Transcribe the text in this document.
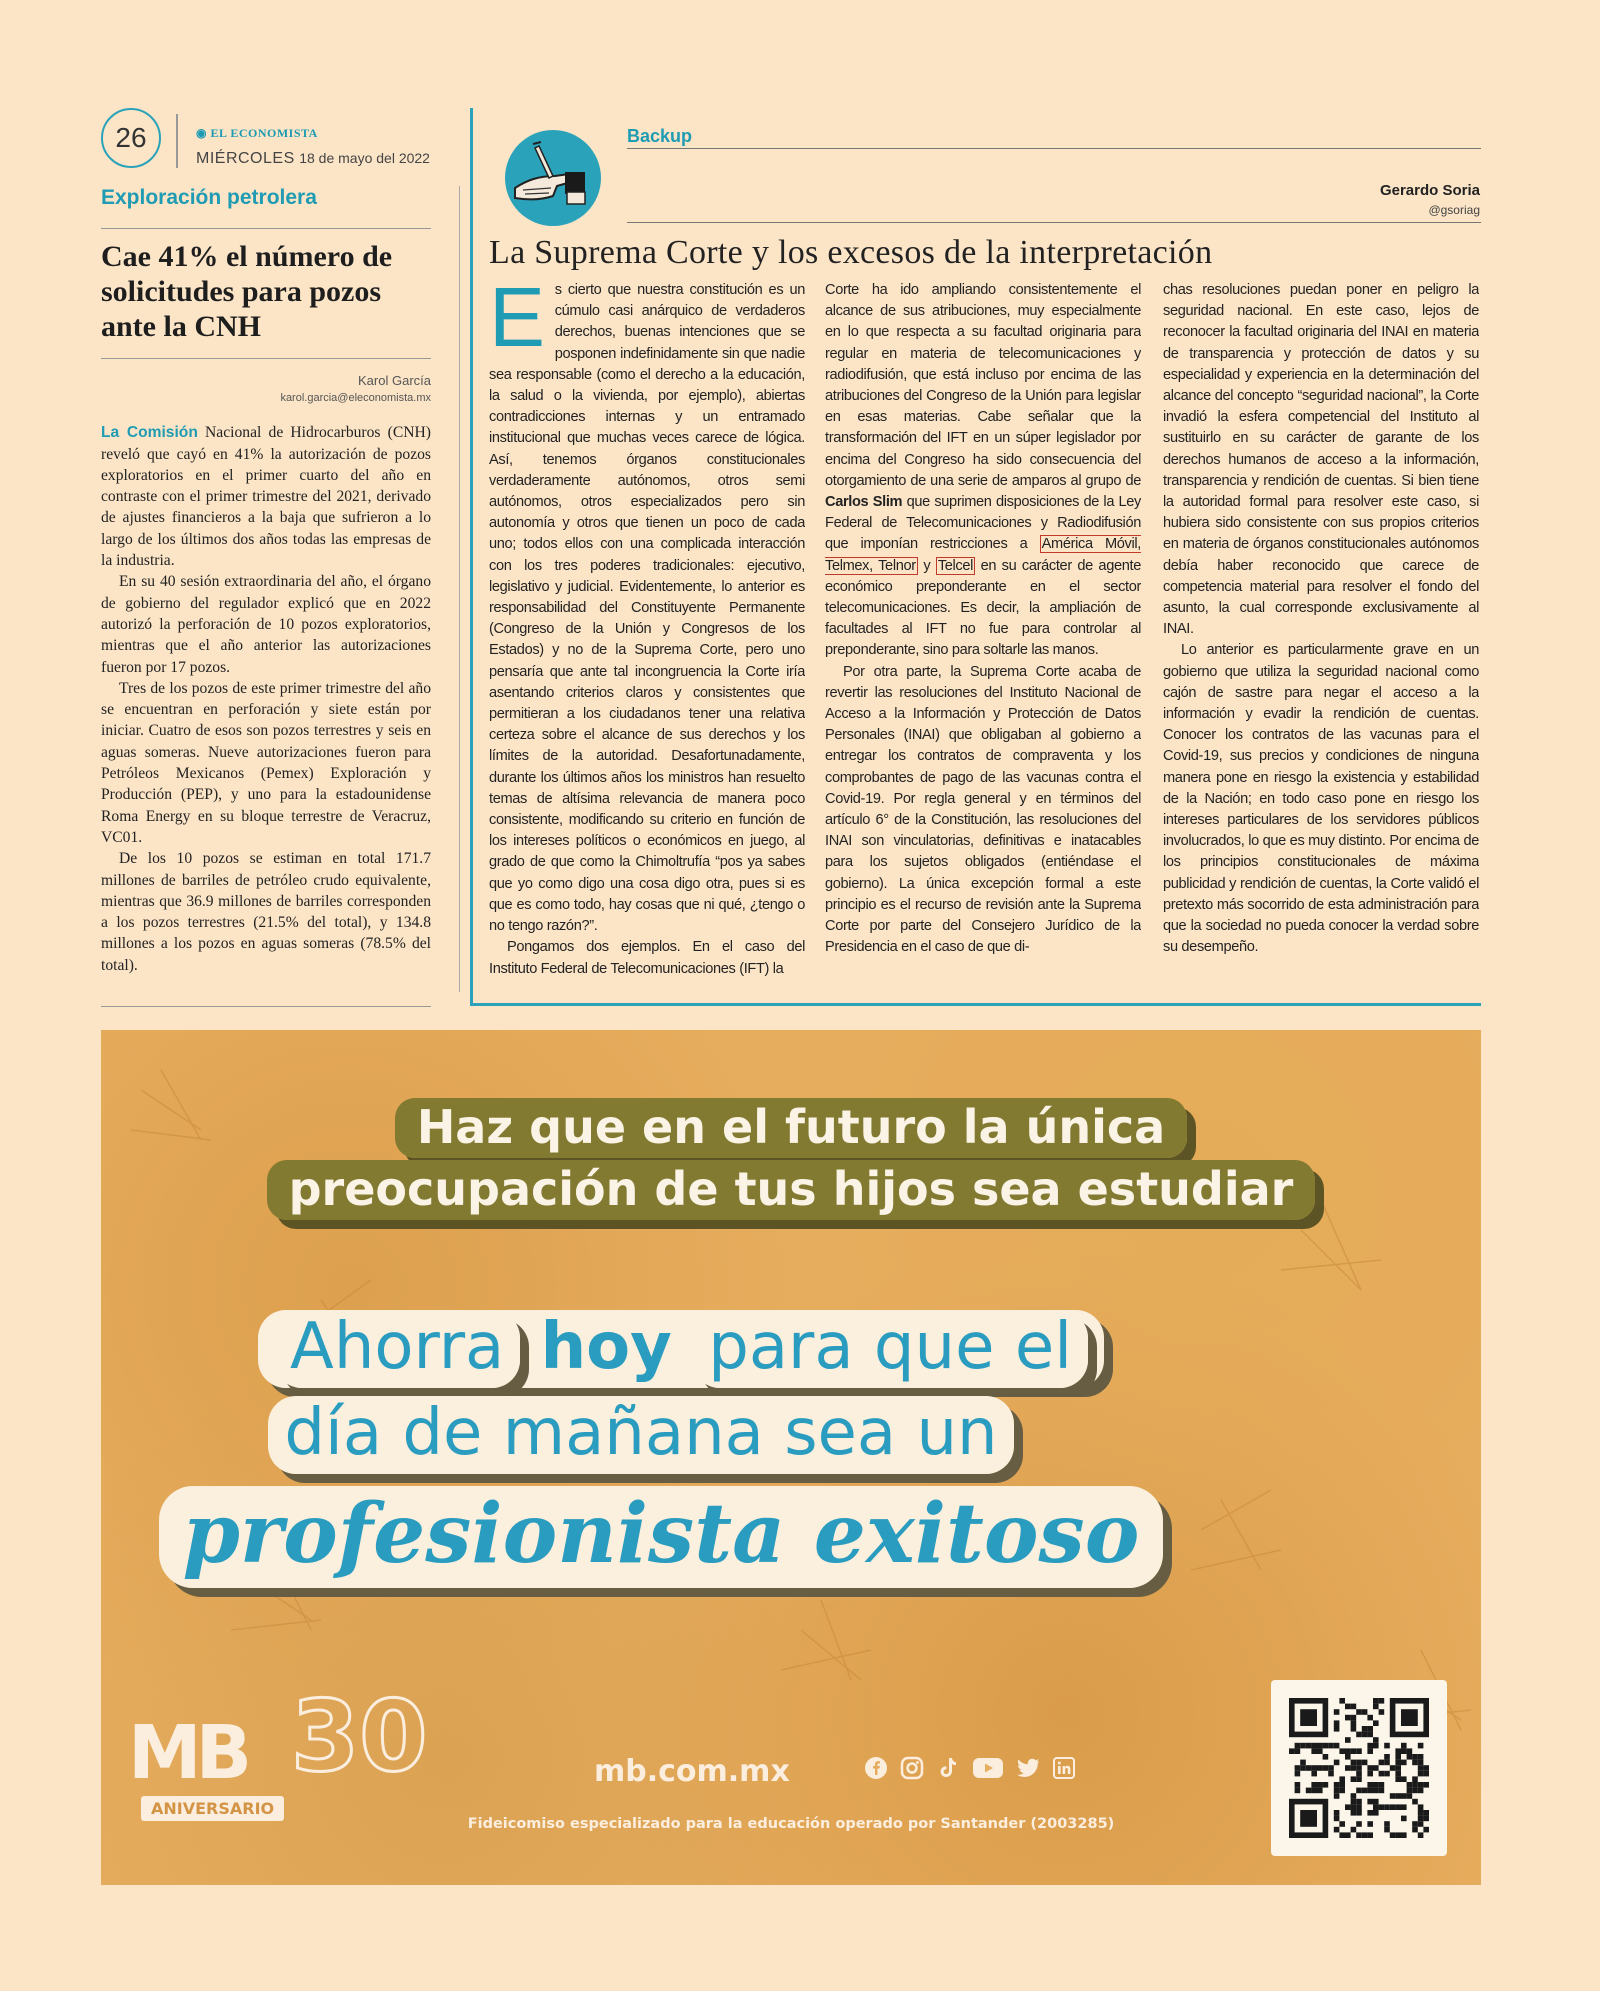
26	◉ EL ECONOMISTA
MIÉRCOLES 18 de mayo del 2022
Exploración petrolera
Cae 41% el número de solicitudes para pozos ante la CNH
Karol García
karol.garcia@eleconomista.mx

La Comisión Nacional de Hidrocarburos (CNH) reveló que cayó en 41% la autorización de pozos exploratorios en el primer cuarto del año en contraste con el primer trimestre del 2021, derivado de ajustes financieros a la baja que sufrieron a lo largo de los últimos dos años todas las empresas de la industria.

En su 40 sesión extraordinaria del año, el órgano de gobierno del regulador explicó que en 2022 autorizó la perforación de 10 pozos exploratorios, mientras que el año anterior las autorizaciones fueron por 17 pozos.

Tres de los pozos de este primer trimestre del año se encuentran en perforación y siete están por iniciar. Cuatro de esos son pozos terrestres y seis en aguas someras. Nueve autorizaciones fueron para Petróleos Mexicanos (Pemex) Exploración y Producción (PEP), y uno para la estadounidense Roma Energy en su bloque terrestre de Veracruz, VC01.

De los 10 pozos se estiman en total 171.7 millones de barriles de petróleo crudo equivalente, mientras que 36.9 millones de barriles corresponden a los pozos terrestres (21.5% del total), y 134.8 millones a los pozos en aguas someras (78.5% del total).

Backup
Gerardo Soria
@gsoriag
La Suprema Corte y los excesos de la interpretación

Es cierto que nuestra constitución es un cúmulo casi anárquico de verdaderos derechos, buenas intenciones que se posponen indefinidamente sin que nadie sea responsable (como el derecho a la educación, la salud o la vivienda, por ejemplo), abiertas contradicciones internas y un entramado institucional que muchas veces carece de lógica. Así, tenemos órganos constitucionales verdaderamente autónomos, otros semi autónomos, otros especializados pero sin autonomía y otros que tienen un poco de cada uno; todos ellos con una complicada interacción con los tres poderes tradicionales: ejecutivo, legislativo y judicial. Evidentemente, lo anterior es responsabilidad del Constituyente Permanente (Congreso de la Unión y Congresos de los Estados) y no de la Suprema Corte, pero uno pensaría que ante tal incongruencia la Corte iría asentando criterios claros y consistentes que permitieran a los ciudadanos tener una relativa certeza sobre el alcance de sus derechos y los límites de la autoridad. Desafortunadamente, durante los últimos años los ministros han resuelto temas de altísima relevancia de manera poco consistente, modificando su criterio en función de los intereses políticos o económicos en juego, al grado de que como la Chimoltrufía “pos ya sabes que yo como digo una cosa digo otra, pues si es que es como todo, hay cosas que ni qué, ¿tengo o no tengo razón?”.

Pongamos dos ejemplos. En el caso del Instituto Federal de Telecomunicaciones (IFT) la

Corte ha ido ampliando consistentemente el alcance de sus atribuciones, muy especialmente en lo que respecta a su facultad originaria para regular en materia de telecomunicaciones y radiodifusión, que está incluso por encima de las atribuciones del Congreso de la Unión para legislar en esas materias. Cabe señalar que la transformación del IFT en un súper legislador por encima del Congreso ha sido consecuencia del otorgamiento de una serie de amparos al grupo de Carlos Slim que suprimen disposiciones de la Ley Federal de Telecomunicaciones y Radiodifusión que imponían restricciones a América Móvil, Telmex, Telnor y Telcel en su carácter de agente económico preponderante en el sector telecomunicaciones. Es decir, la ampliación de facultades al IFT no fue para controlar al preponderante, sino para soltarle las manos.

Por otra parte, la Suprema Corte acaba de revertir las resoluciones del Instituto Nacional de Acceso a la Información y Protección de Datos Personales (INAI) que obligaban al gobierno a entregar los contratos de compraventa y los comprobantes de pago de las vacunas contra el Covid-19. Por regla general y en términos del artículo 6° de la Constitución, las resoluciones del INAI son vinculatorias, definitivas e inatacables para los sujetos obligados (entiéndase el gobierno). La única excepción formal a este principio es el recurso de revisión ante la Suprema Corte por parte del Consejero Jurídico de la Presidencia en el caso de que di-

chas resoluciones puedan poner en peligro la seguridad nacional. En este caso, lejos de reconocer la facultad originaria del INAI en materia de transparencia y protección de datos y su especialidad y experiencia en la determinación del alcance del concepto “seguridad nacional”, la Corte invadió la esfera competencial del Instituto al sustituirlo en su carácter de garante de los derechos humanos de acceso a la información, transparencia y rendición de cuentas. Si bien tiene la autoridad formal para resolver este caso, si hubiera sido consistente con sus propios criterios en materia de órganos constitucionales autónomos debía haber reconocido que carece de competencia material para resolver el fondo del asunto, la cual corresponde exclusivamente al INAI.

Lo anterior es particularmente grave en un gobierno que utiliza la seguridad nacional como cajón de sastre para negar el acceso a la información y evadir la rendición de cuentas. Conocer los contratos de las vacunas para el Covid-19, sus precios y condiciones de ninguna manera pone en riesgo la existencia y estabilidad de la Nación; en todo caso pone en riesgo los intereses particulares de los servidores públicos involucrados, lo que es muy distinto. Por encima de los principios constitucionales de máxima publicidad y rendición de cuentas, la Corte validó el pretexto más socorrido de esta administración para que la sociedad no pueda conocer la verdad sobre su desempeño.

Haz que en el futuro la única
preocupación de tus hijos sea estudiar
Ahorra hoy para que el
día de mañana sea un
profesionista exitoso
MB 30
ANIVERSARIO
mb.com.mx
Fideicomiso especializado para la educación operado por Santander (2003285)
